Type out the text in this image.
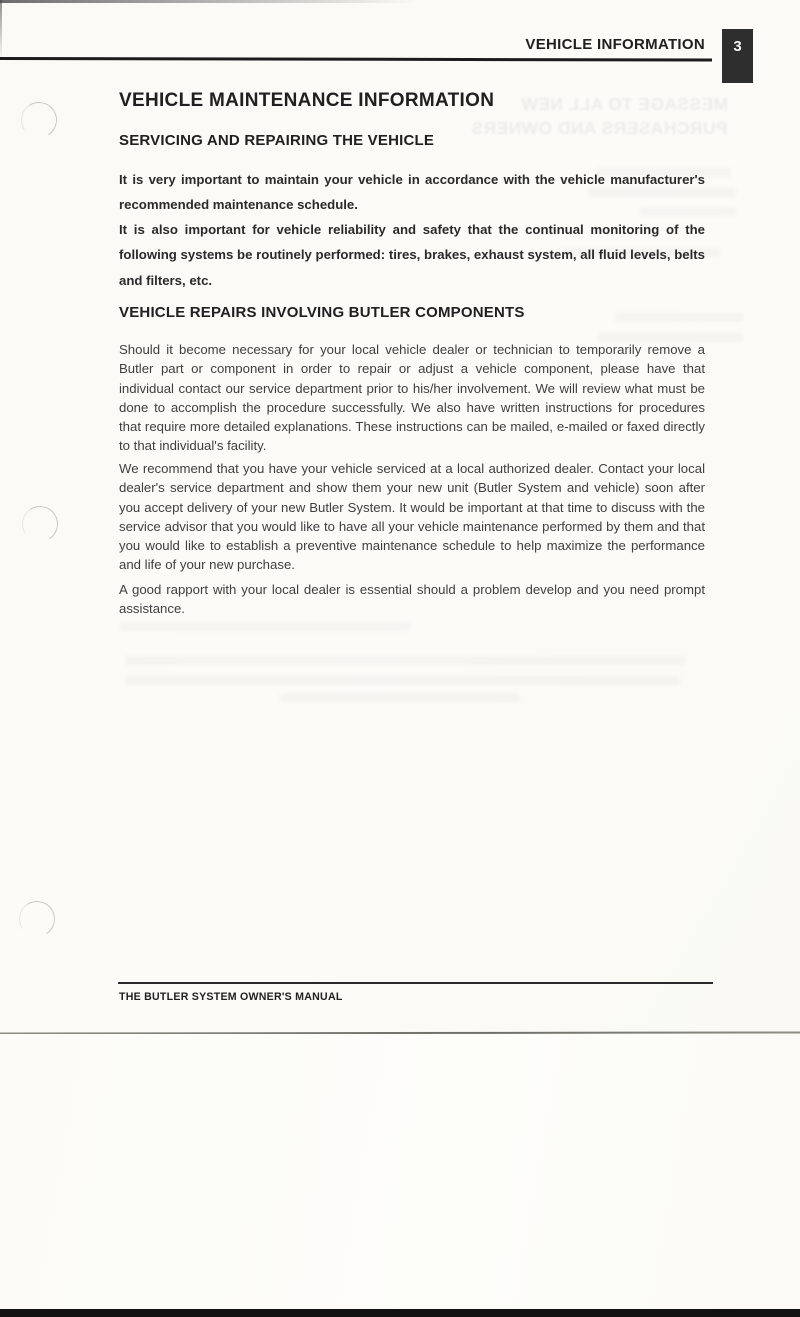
VEHICLE INFORMATION	3
MESSAGE TO ALL NEW
PURCHASERS AND OWNERS
VEHICLE MAINTENANCE INFORMATION
SERVICING AND REPAIRING THE VEHICLE

It is very important to maintain your vehicle in accordance with the vehicle manufacturer's recommended maintenance schedule.

It is also important for vehicle reliability and safety that the continual monitoring of the following systems be routinely performed: tires, brakes, exhaust system, all fluid levels, belts and filters, etc.

VEHICLE REPAIRS INVOLVING BUTLER COMPONENTS

Should it become necessary for your local vehicle dealer or technician to temporarily remove a Butler part or component in order to repair or adjust a vehicle component, please have that individual contact our service department prior to his/her involvement. We will review what must be done to accomplish the procedure successfully. We also have written instructions for procedures that require more detailed explanations. These instructions can be mailed, e-mailed or faxed directly to that individual's facility.

We recommend that you have your vehicle serviced at a local authorized dealer. Contact your local dealer's service department and show them your new unit (Butler System and vehicle) soon after you accept delivery of your new Butler System. It would be important at that time to discuss with the service advisor that you would like to have all your vehicle maintenance performed by them and that you would like to establish a preventive maintenance schedule to help maximize the performance and life of your new purchase.

A good rapport with your local dealer is essential should a problem develop and you need prompt assistance.

THE BUTLER SYSTEM OWNER'S MANUAL
